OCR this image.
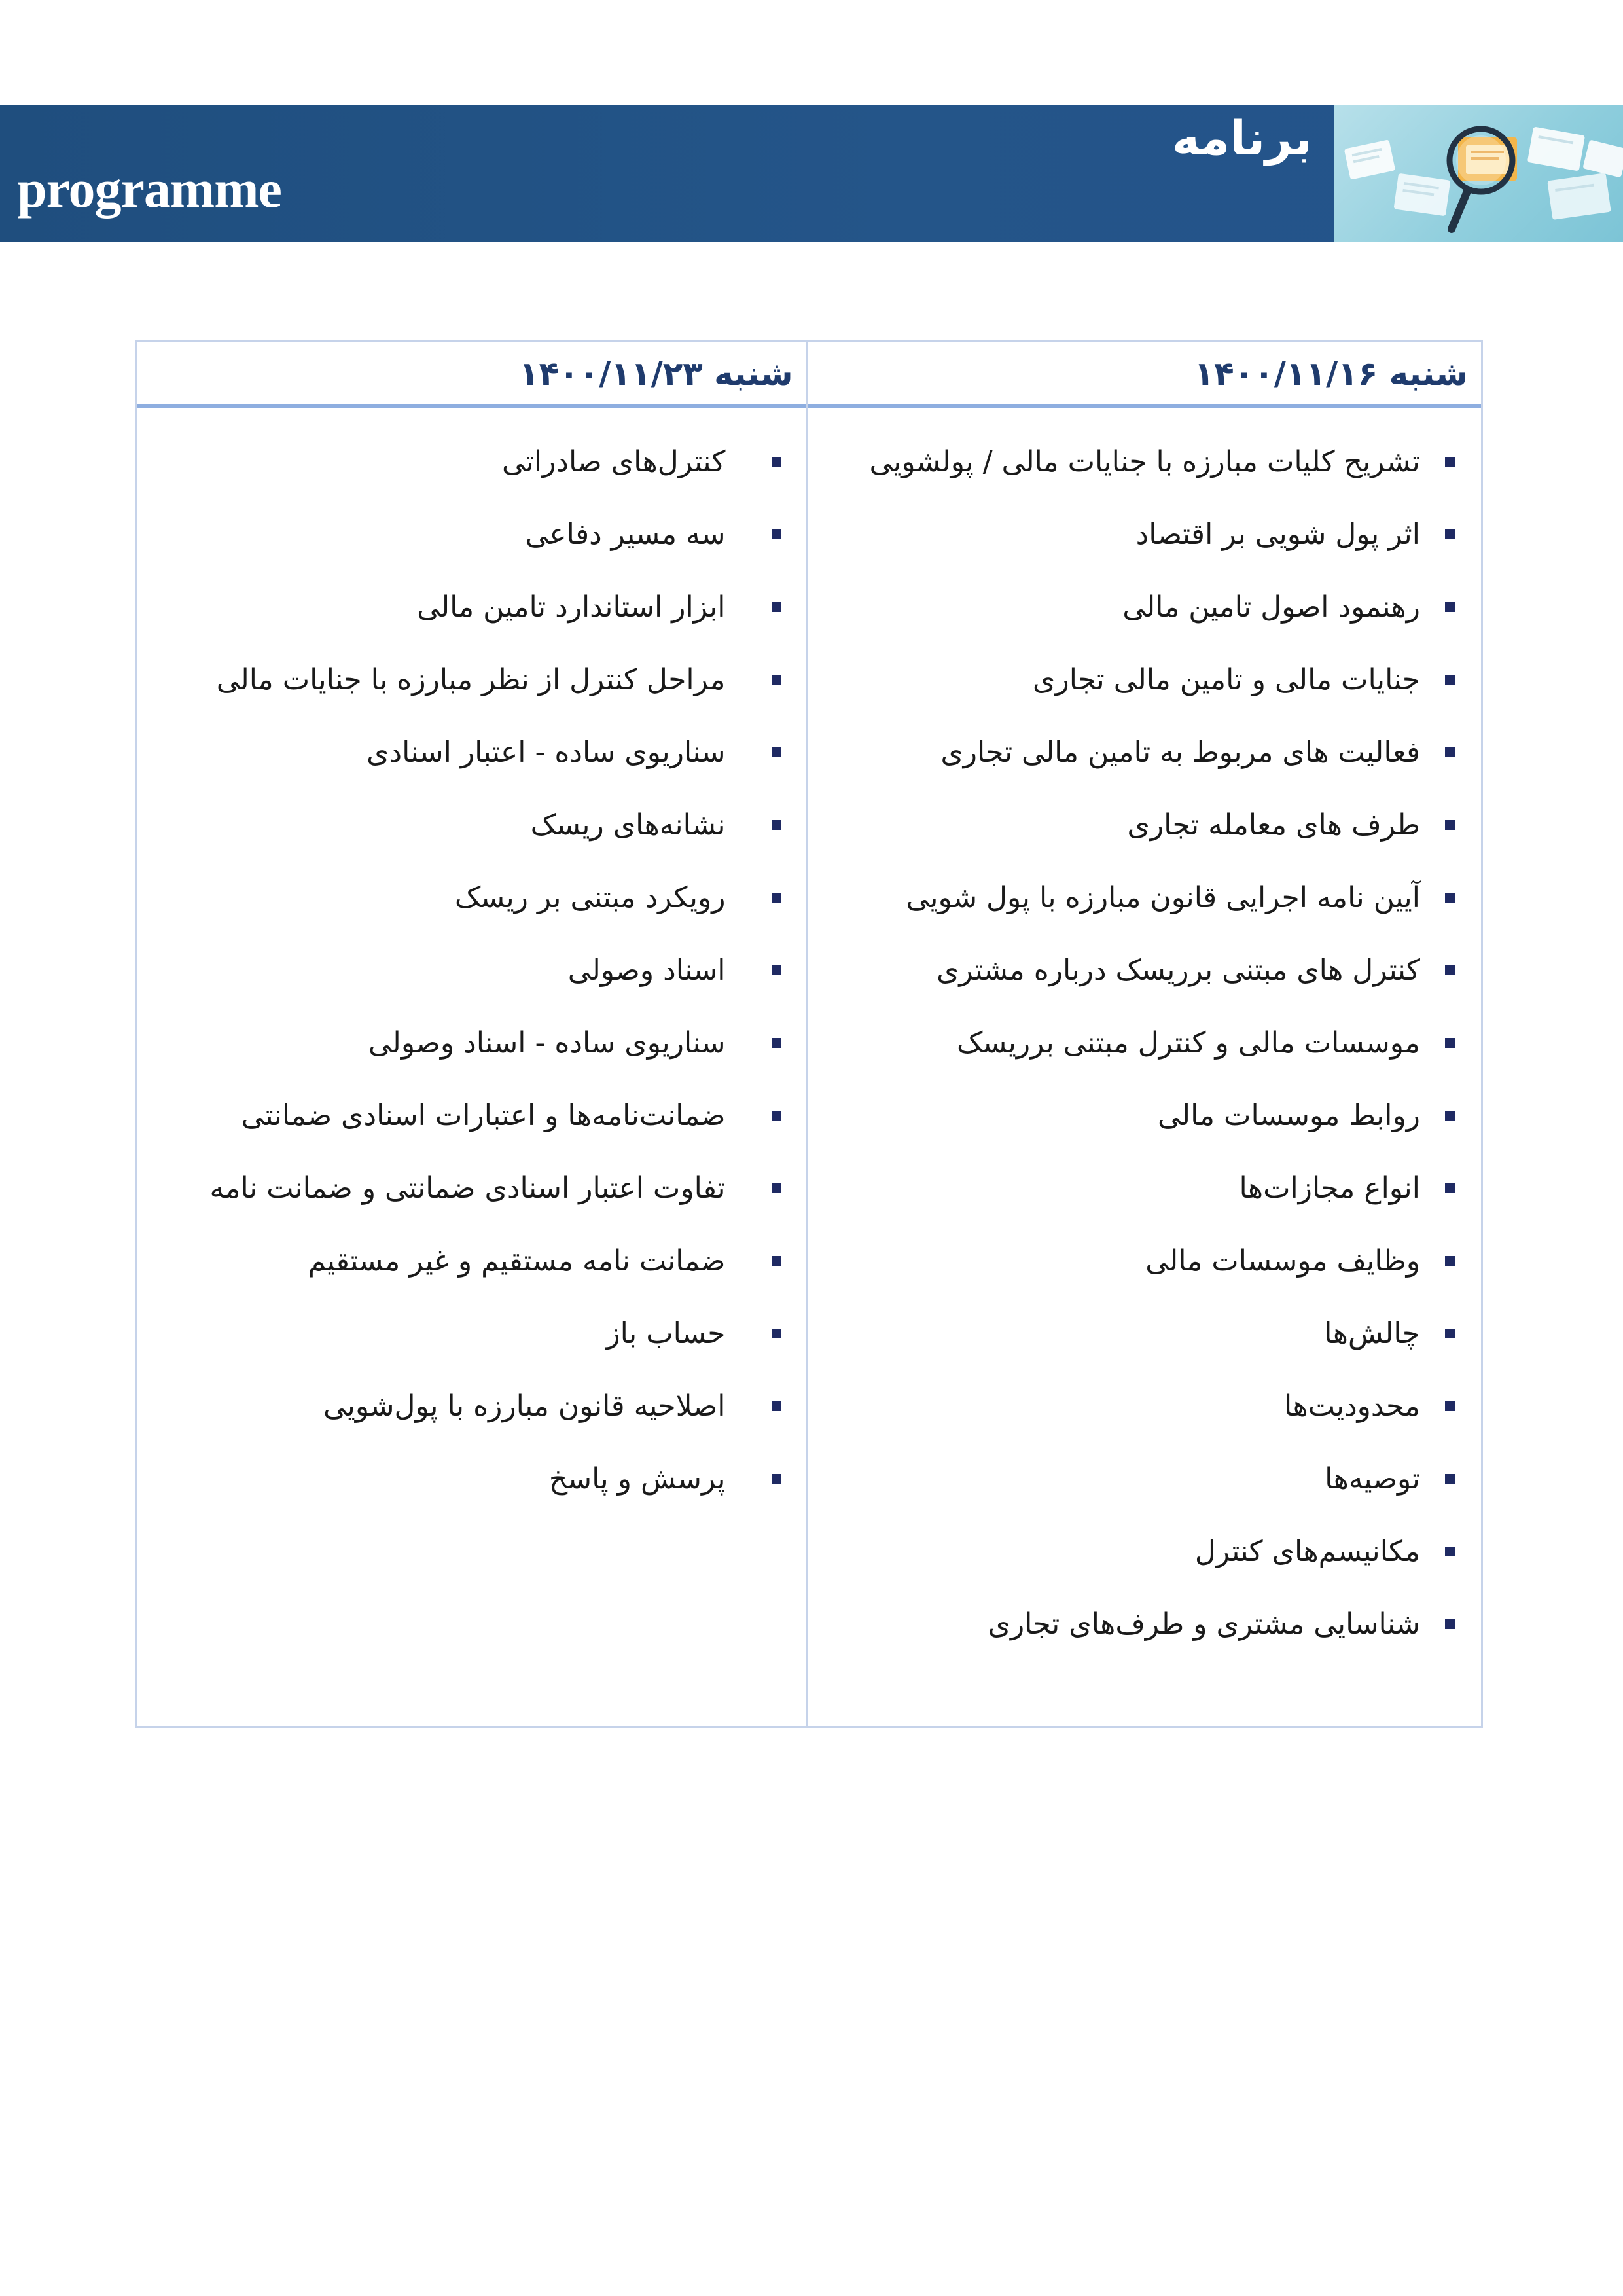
programme
برنامه
شنبه ۱۴۰۰/۱۱/۱۶
تشریح کلیات مبارزه با جنایات مالی / پولشویی
اثر پول شویی بر اقتصاد
رهنمود اصول تامین مالی
جنایات مالی و تامین مالی تجاری
فعالیت های مربوط به تامین مالی تجاری
طرف های معامله تجاری
آیین نامه اجرایی قانون مبارزه با پول شویی
کنترل های مبتنی برریسک درباره مشتری
موسسات مالی و کنترل مبتنی برریسک
روابط موسسات مالی
انواع مجازات‌ها
وظایف موسسات مالی
چالش‌ها
محدودیت‌ها
توصیه‌ها
مکانیسم‌های کنترل
شناسایی مشتری و طرف‌های تجاری
شنبه ۱۴۰۰/۱۱/۲۳
کنترل‌های صادراتی
سه مسیر دفاعی
ابزار استاندارد تامین مالی
مراحل کنترل از نظر مبارزه با جنایات مالی
سناریوی ساده - اعتبار اسنادی
نشانه‌های ریسک
رویکرد مبتنی بر ریسک
اسناد وصولی
سناریوی ساده - اسناد وصولی
ضمانت‌نامه‌ها و اعتبارات اسنادی ضمانتی
تفاوت اعتبار اسنادی ضمانتی و ضمانت نامه
ضمانت نامه مستقیم و غیر مستقیم
حساب باز
اصلاحیه قانون مبارزه با پول‌شویی
پرسش و پاسخ
